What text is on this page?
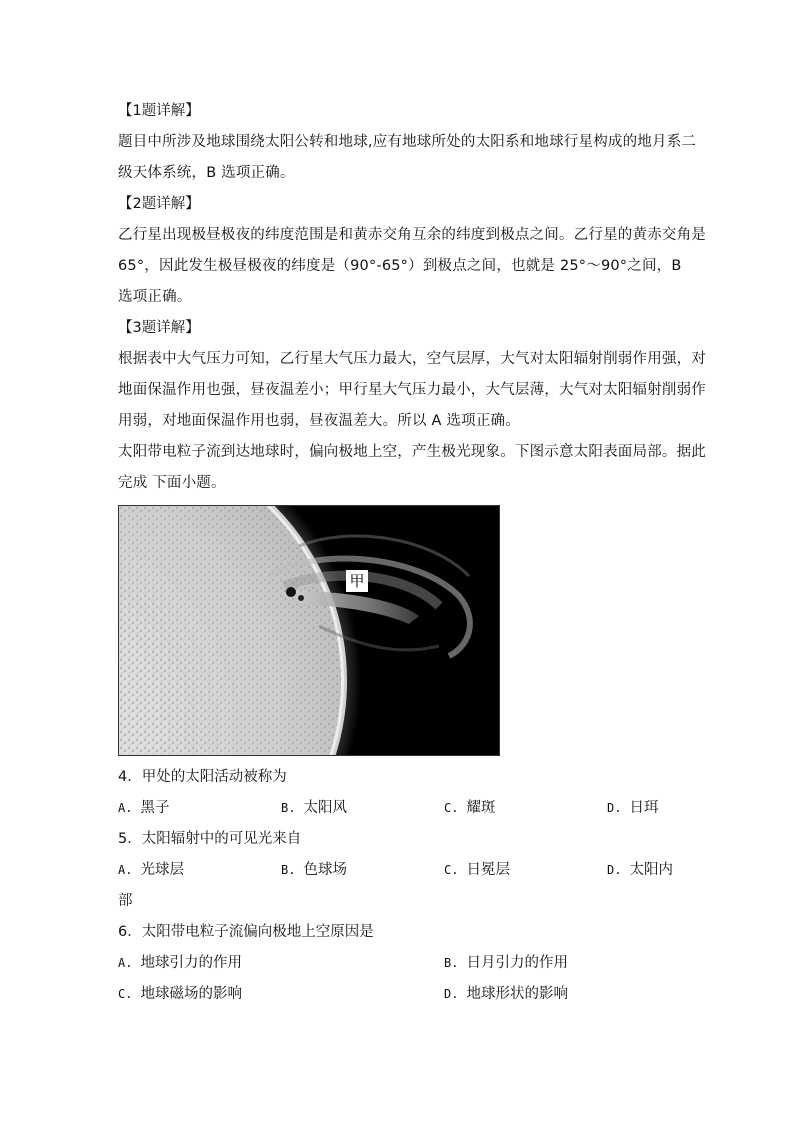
【1题详解】
题目中所涉及地球围绕太阳公转和地球,应有地球所处的太阳系和地球行星构成的地月系二
级天体系统，B 选项正确。
【2题详解】
乙行星出现极昼极夜的纬度范围是和黄赤交角互余的纬度到极点之间。乙行星的黄赤交角是
65°，因此发生极昼极夜的纬度是（90°-65°）到极点之间，也就是 25°～90°之间，B
选项正确。
【3题详解】
根据表中大气压力可知，乙行星大气压力最大，空气层厚，大气对太阳辐射削弱作用强，对
地面保温作用也强，昼夜温差小；甲行星大气压力最小，大气层薄，大气对太阳辐射削弱作
用弱，对地面保温作用也弱，昼夜温差大。所以 A 选项正确。
太阳带电粒子流到达地球时，偏向极地上空，产生极光现象。下图示意太阳表面局部。据此
完成 下面小题。
甲
4．甲处的太阳活动被称为
A. 黑子	B. 太阳风	C. 耀斑	D. 日珥
5．太阳辐射中的可见光来自
A. 光球层	B. 色球场	C. 日冕层	D. 太阳内
部
6．太阳带电粒子流偏向极地上空原因是
A. 地球引力的作用	B. 日月引力的作用
C. 地球磁场的影响	D. 地球形状的影响
